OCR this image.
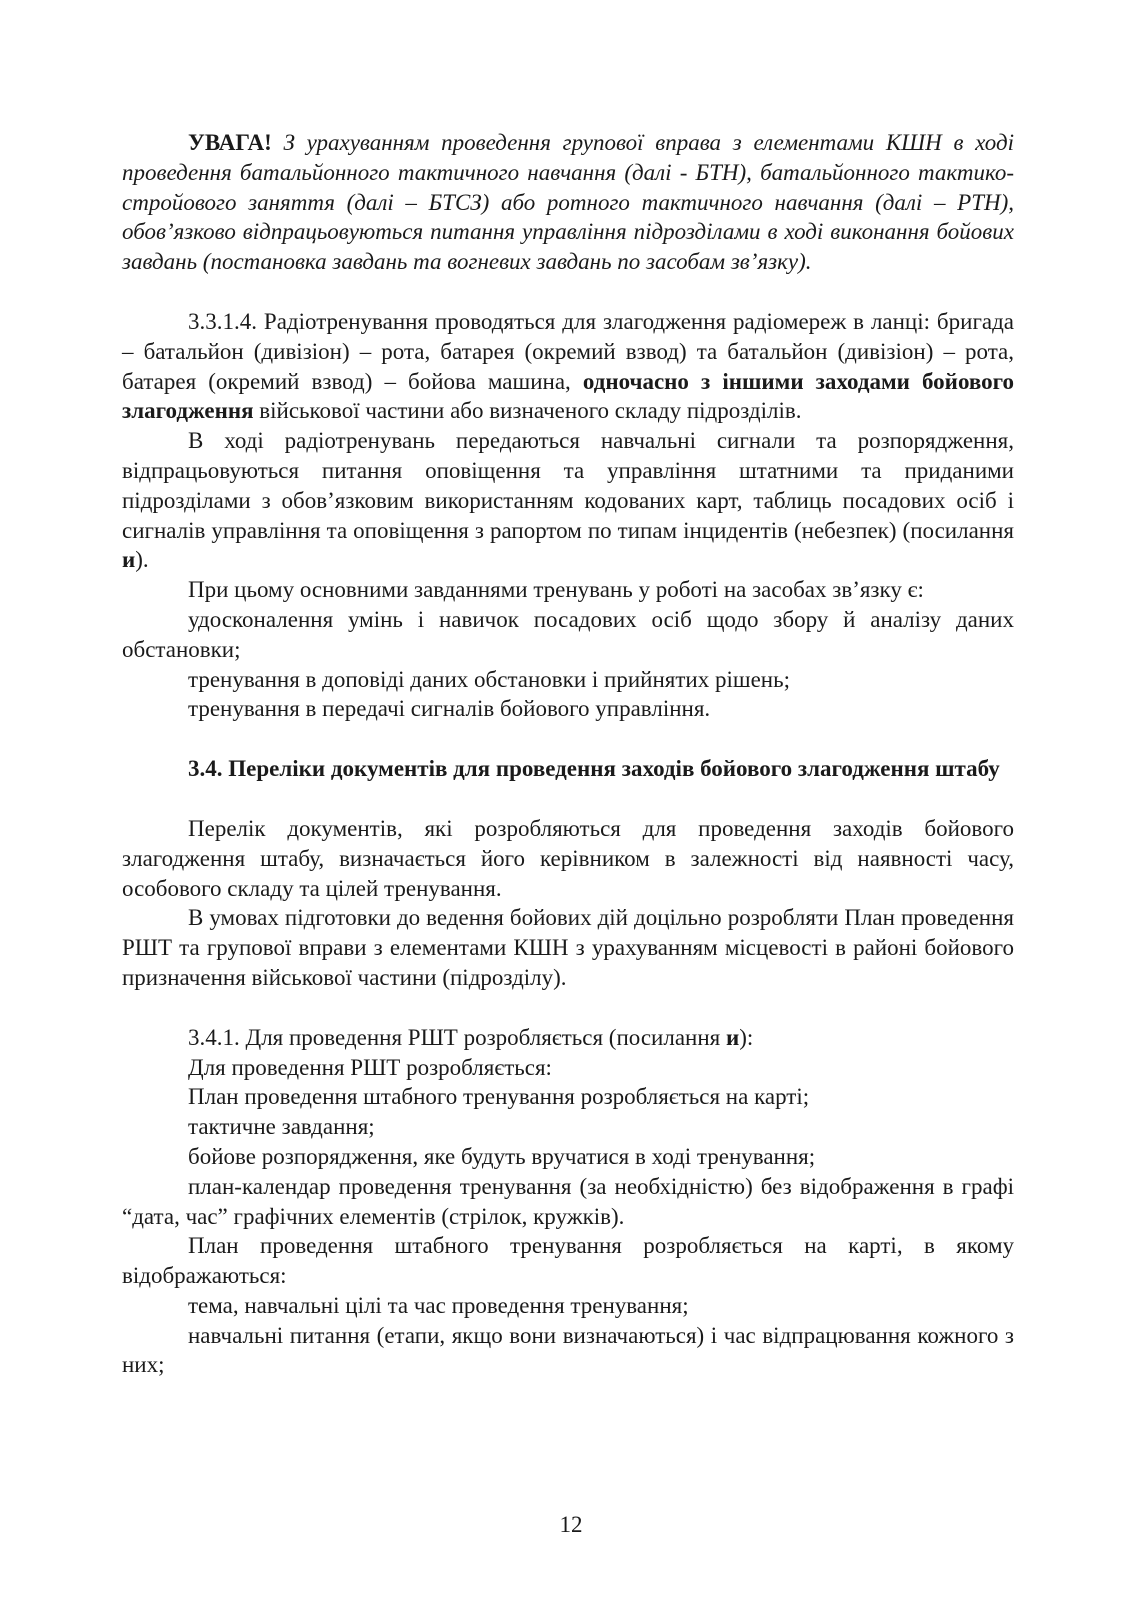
УВАГА! З урахуванням проведення групової вправа з елементами КШН в ході проведення батальйонного тактичного навчання (далі - БТН), батальйонного тактико-стройового заняття (далі – БТСЗ) або ротного тактичного навчання (далі – РТН), обов’язково відпрацьовуються питання управління підрозділами в ході виконання бойових завдань (постановка завдань та вогневих завдань по засобам зв’язку).

3.3.1.4. Радіотренування проводяться для злагодження радіомереж в ланці: бригада – батальйон (дивізіон) – рота, батарея (окремий взвод) та батальйон (дивізіон) – рота, батарея (окремий взвод) – бойова машина, одночасно з іншими заходами бойового злагодження військової частини або визначеного складу підрозділів.

В ході радіотренувань передаються навчальні сигнали та розпорядження, відпрацьовуються питання оповіщення та управління штатними та приданими підрозділами з обов’язковим використанням кодованих карт, таблиць посадових осіб і сигналів управління та оповіщення з рапортом по типам інцидентів (небезпек) (посилання и).

При цьому основними завданнями тренувань у роботі на засобах зв’язку є:

удосконалення умінь і навичок посадових осіб щодо збору й аналізу даних обстановки;

тренування в доповіді даних обстановки і прийнятих рішень;

тренування в передачі сигналів бойового управління.

3.4. Переліки документів для проведення заходів бойового злагодження штабу

Перелік документів, які розробляються для проведення заходів бойового злагодження штабу, визначається його керівником в залежності від наявності часу, особового складу та цілей тренування.

В умовах підготовки до ведення бойових дій доцільно розробляти План проведення РШТ та групової вправи з елементами КШН з урахуванням місцевості в районі бойового призначення військової частини (підрозділу).

3.4.1. Для проведення РШТ розробляється (посилання и):

Для проведення РШТ розробляється:

План проведення штабного тренування розробляється на карті;

тактичне завдання;

бойове розпорядження, яке будуть вручатися в ході тренування;

план-календар проведення тренування (за необхідністю) без відображення в графі “дата, час” графічних елементів (стрілок, кружків).

План проведення штабного тренування розробляється на карті, в якому відображаються:

тема, навчальні цілі та час проведення тренування;

навчальні питання (етапи, якщо вони визначаються) і час відпрацювання кожного з них;

12
